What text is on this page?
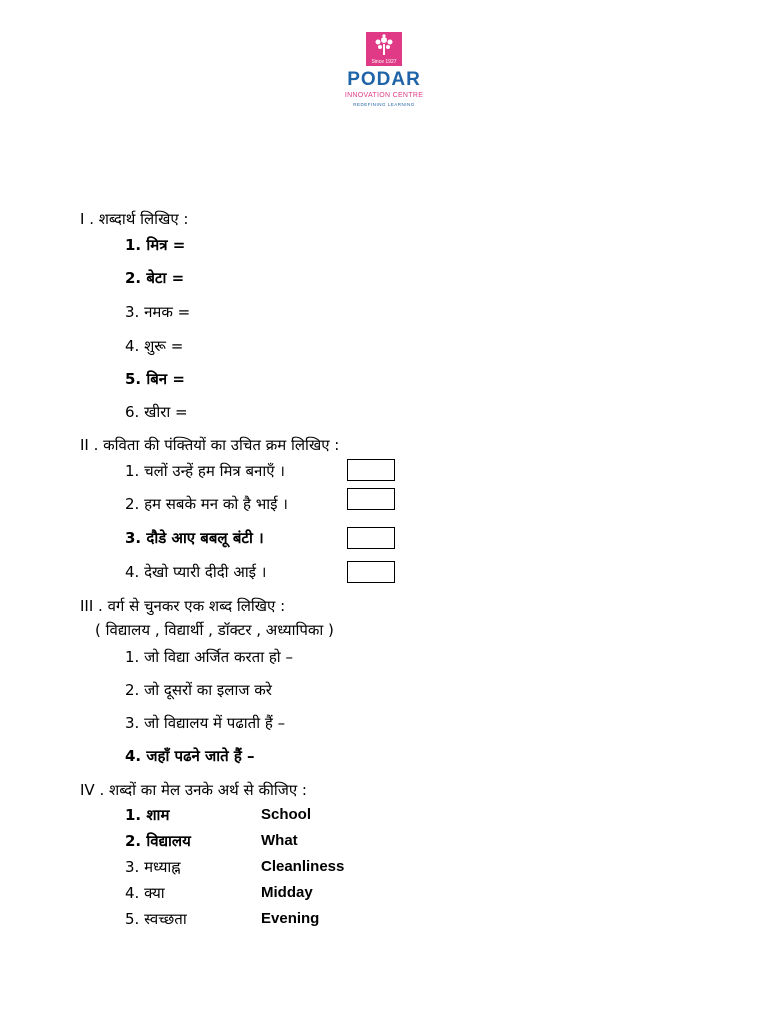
Since 1927
PODAR
INNOVATION CENTRE
REDEFINING LEARNING
I . शब्दार्थ लिखिए :
1. मित्र =
2. बेटा =
3. नमक =
4. शुरू =
5. बिन =
6. खीरा =
II . कविता की पंक्तियों का उचित क्रम लिखिए :
1. चलों उन्हें हम मित्र बनाएँ ।
2. हम सबके मन को है भाई ।
3. दौडे आए बबलू बंटी ।
4. देखो प्यारी दीदी आई ।
III . वर्ग से चुनकर एक शब्द लिखिए :
( विद्यालय , विद्यार्थी , डॉक्टर , अध्यापिका )
1. जो विद्या अर्जित करता हो –
2. जो दूसरों का इलाज करे
3. जो विद्यालय में पढाती हैं –
4. जहाँ पढने जाते हैं –
IV . शब्दों का मेल उनके अर्थ से कीजिए :
1. शाम	School
2. विद्यालय	What
3. मध्याह्न	Cleanliness
4. क्या	Midday
5. स्वच्छता	Evening
